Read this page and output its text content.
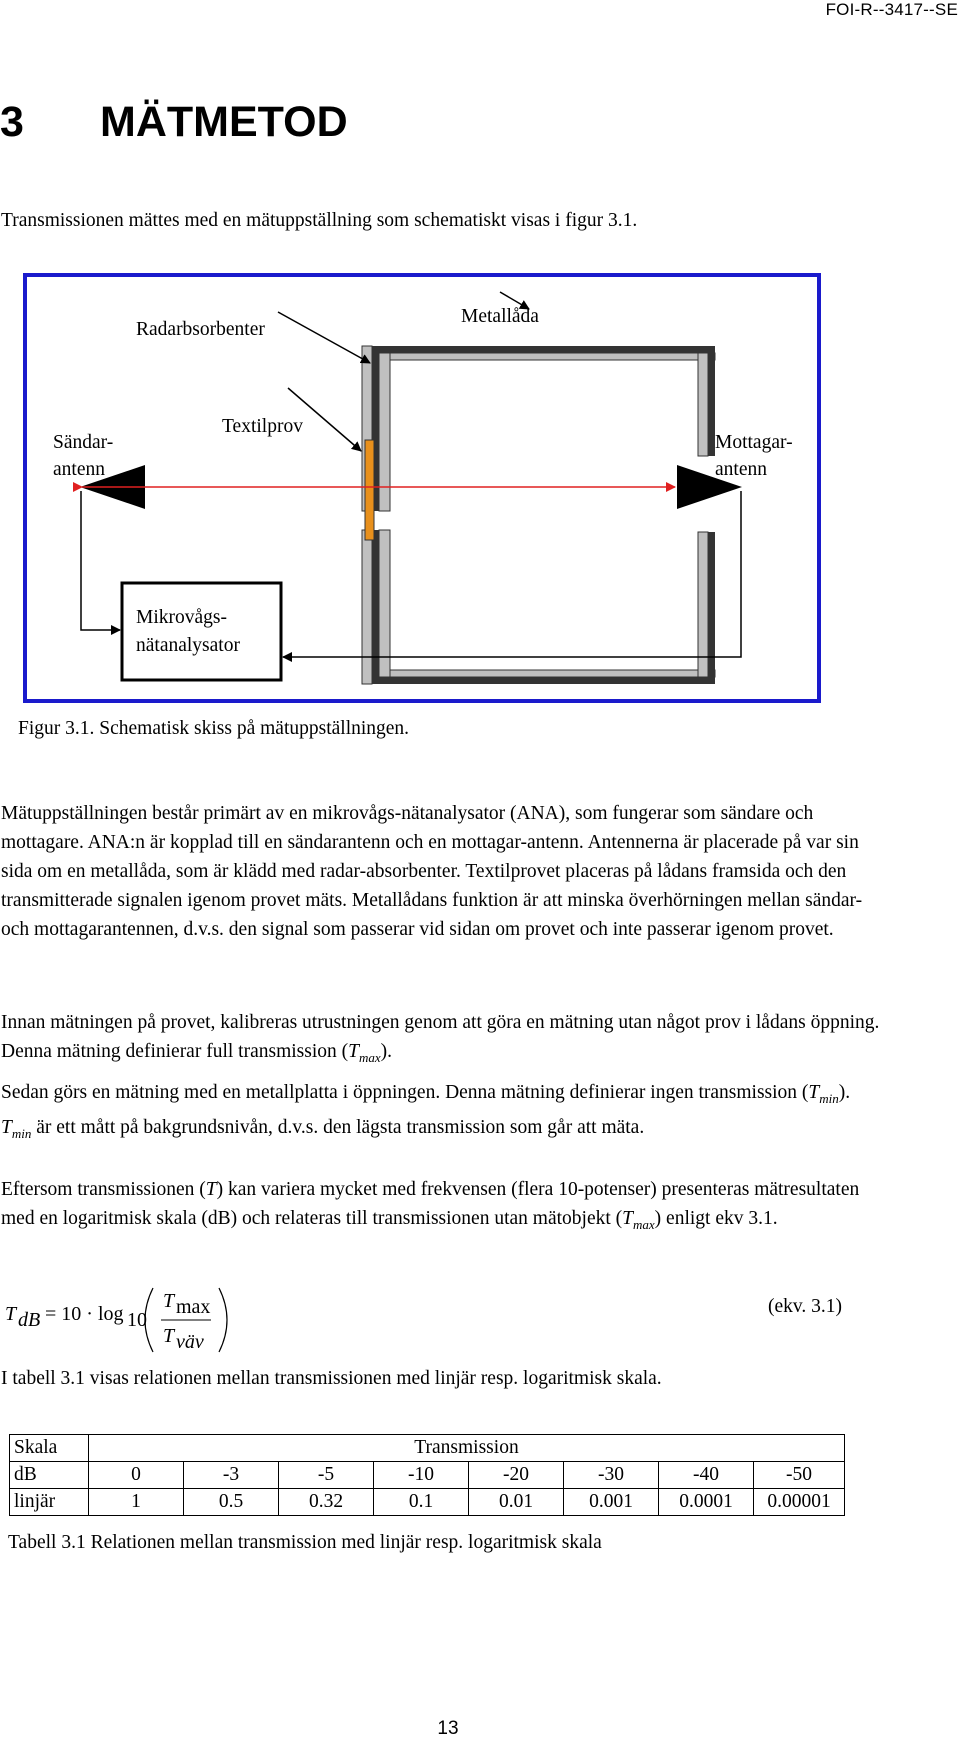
FOI-R--3417--SE
3 MÄTMETOD
Transmissionen mättes med en mätuppställning som schematiskt visas i figur 3.1.
Radarbsorbenter
Metallåda
Sändar-
antenn
Textilprov
Mottagar-
antenn
Mikrovågs-
nätanalysator
Figur 3.1. Schematisk skiss på mätuppställningen.
Mätuppställningen består primärt av en mikrovågs-nätanalysator (ANA), som fungerar som sändare och mottagare. ANA:n är kopplad till en sändarantenn och en mottagar-antenn. Antennerna är placerade på var sin sida om en metallåda, som är klädd med radar-absorbenter. Textilprovet placeras på lådans framsida och den transmitterade signalen igenom provet mäts. Metallådans funktion är att minska överhörningen mellan sändar- och mottagarantennen, d.v.s. den signal som passerar vid sidan om provet och inte passerar igenom provet.
Innan mätningen på provet, kalibreras utrustningen genom att göra en mätning utan något prov i lådans öppning. Denna mätning definierar full transmission $(T_{max})$.
Sedan görs en mätning med en metallplatta i öppningen. Denna mätning definierar ingen transmission $(T_{min})$. $T_{min}$ är ett mått på bakgrundsnivån, d.v.s. den lägsta transmission som går att mäta.
Eftersom transmissionen (T) kan variera mycket med frekvensen (flera 10-potenser) presenteras mätresultaten med en logaritmisk skala (dB) och relateras till transmissionen utan mätobjekt $(T_{max})$ enligt ekv 3.1.
T dB = 10 · log 10
T max
T väv
(ekv. 3.1)
I tabell 3.1 visas relationen mellan transmissionen med linjär resp. logaritmisk skala.
Skala	Transmission							
dB	0	-3	-5	-10	-20	-30	-40	-50
linjär	1	0.5	0.32	0.1	0.01	0.001	0.0001	0.00001
Tabell 3.1 Relationen mellan transmission med linjär resp. logaritmisk skala
13
